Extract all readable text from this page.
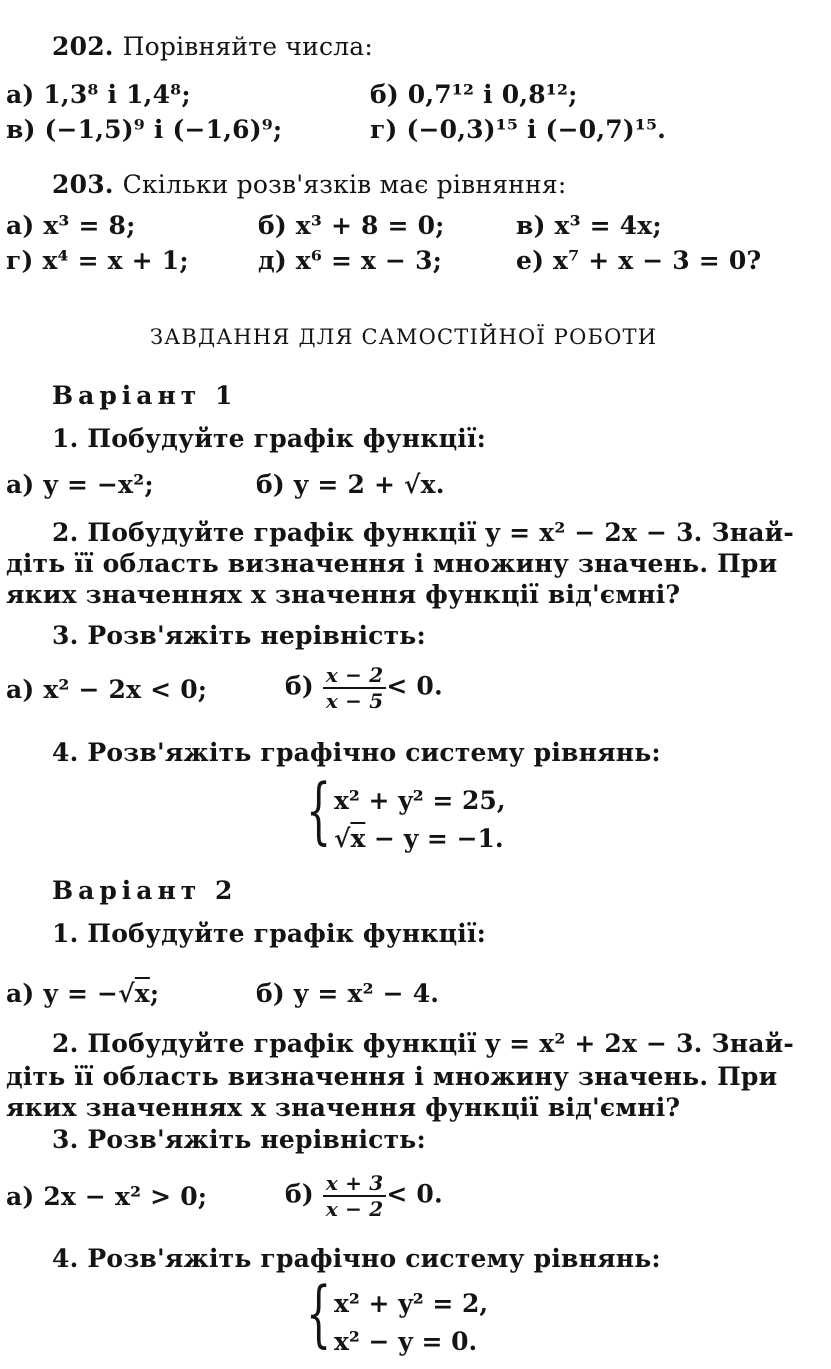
202. Порівняйте числа:
а) 1,3⁸ і 1,4⁸;	б) 0,7¹² і 0,8¹²;
в) (−1,5)⁹ і (−1,6)⁹;	г) (−0,3)¹⁵ і (−0,7)¹⁵.
203. Скільки розв'язків має рівняння:
а) x³ = 8;	б) x³ + 8 = 0;	в) x³ = 4x;
г) x⁴ = x + 1;	д) x⁶ = x − 3;	е) x⁷ + x − 3 = 0?
ЗАВДАННЯ ДЛЯ САМОСТІЙНОЇ РОБОТИ
Варіант 1
1. Побудуйте графік функції:
а) y = −x²;	б) y = 2 + √x.
2. Побудуйте графік функції y = x² − 2x − 3. Знай-
діть її область визначення і множину значень. При
яких значеннях x значення функції від'ємні?
3. Розв'яжіть нерівність:
а) x² − 2x < 0;	$б) \frac{x - 2}{x - 5} < 0$.
4. Розв'яжіть графічно систему рівнянь:
{ x² + y² = 25,
√x − y = −1.
Варіант 2
1. Побудуйте графік функції:
а) y = −√x;	б) y = x² − 4.
2. Побудуйте графік функції y = x² + 2x − 3. Знай-
діть її область визначення і множину значень. При
яких значеннях x значення функції від'ємні?
3. Розв'яжіть нерівність:
а) 2x − x² > 0;	$б) \frac{x + 3}{x - 2} < 0$.
4. Розв'яжіть графічно систему рівнянь:
{ x² + y² = 2,
x² − y = 0.
